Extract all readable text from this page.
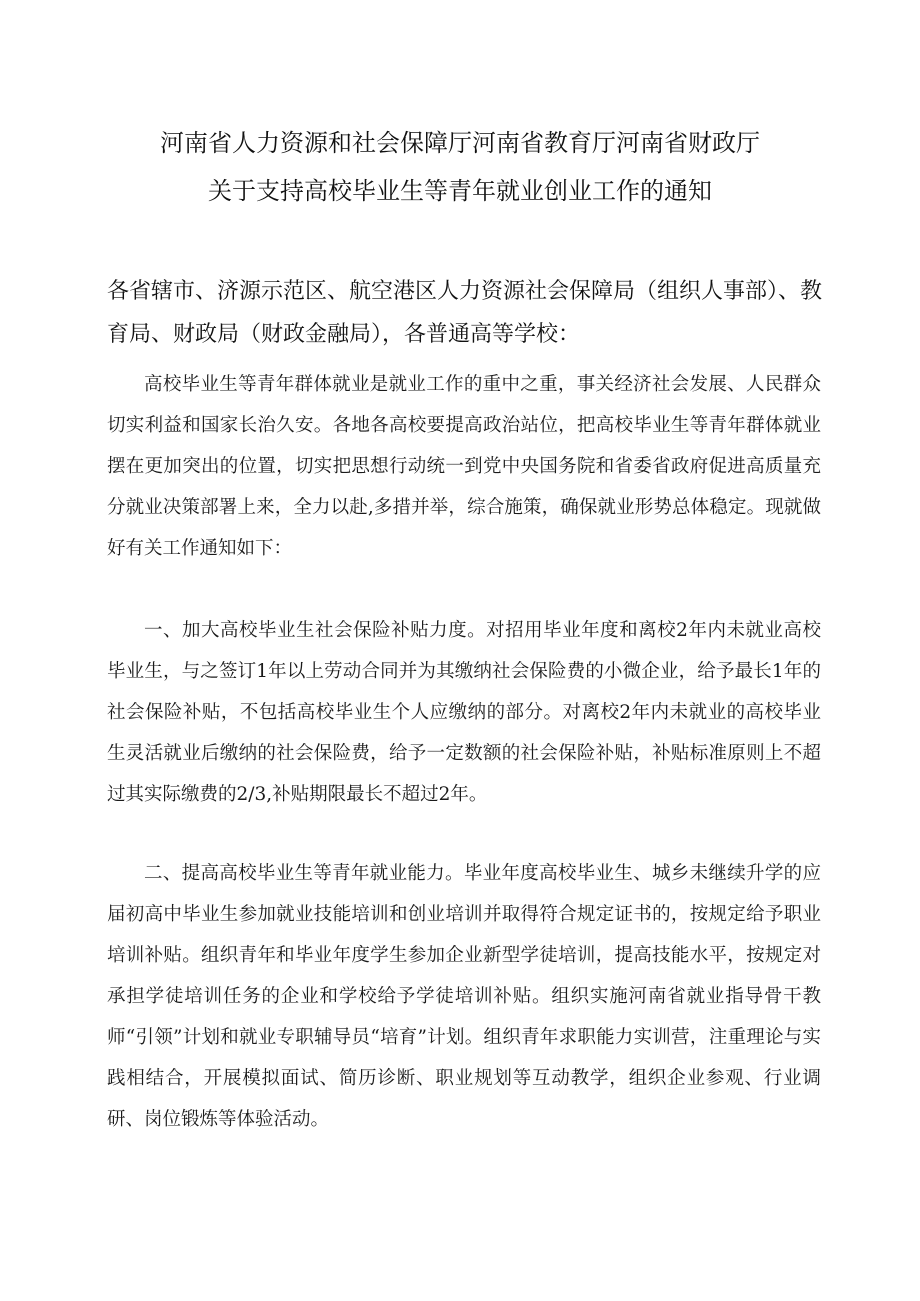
河南省人力资源和社会保障厅河南省教育厅河南省财政厅
关于支持高校毕业生等青年就业创业工作的通知
各省辖市、济源示范区、航空港区人力资源社会保障局（组织人事部）、教育局、财政局（财政金融局），各普通高等学校：
高校毕业生等青年群体就业是就业工作的重中之重，事关经济社会发展、人民群众切实利益和国家长治久安。各地各高校要提高政治站位，把高校毕业生等青年群体就业摆在更加突出的位置，切实把思想行动统一到党中央国务院和省委省政府促进高质量充分就业决策部署上来，全力以赴,多措并举，综合施策，确保就业形势总体稳定。现就做好有关工作通知如下：
一、加大高校毕业生社会保险补贴力度。对招用毕业年度和离校2年内未就业高校毕业生，与之签订1年以上劳动合同并为其缴纳社会保险费的小微企业，给予最长1年的社会保险补贴，不包括高校毕业生个人应缴纳的部分。对离校2年内未就业的高校毕业生灵活就业后缴纳的社会保险费，给予一定数额的社会保险补贴，补贴标准原则上不超过其实际缴费的2/3,补贴期限最长不超过2年。
二、提高高校毕业生等青年就业能力。毕业年度高校毕业生、城乡未继续升学的应届初高中毕业生参加就业技能培训和创业培训并取得符合规定证书的，按规定给予职业培训补贴。组织青年和毕业年度学生参加企业新型学徒培训，提高技能水平，按规定对承担学徒培训任务的企业和学校给予学徒培训补贴。组织实施河南省就业指导骨干教师“引领”计划和就业专职辅导员“培育”计划。组织青年求职能力实训营，注重理论与实践相结合，开展模拟面试、简历诊断、职业规划等互动教学，组织企业参观、行业调研、岗位锻炼等体验活动。
